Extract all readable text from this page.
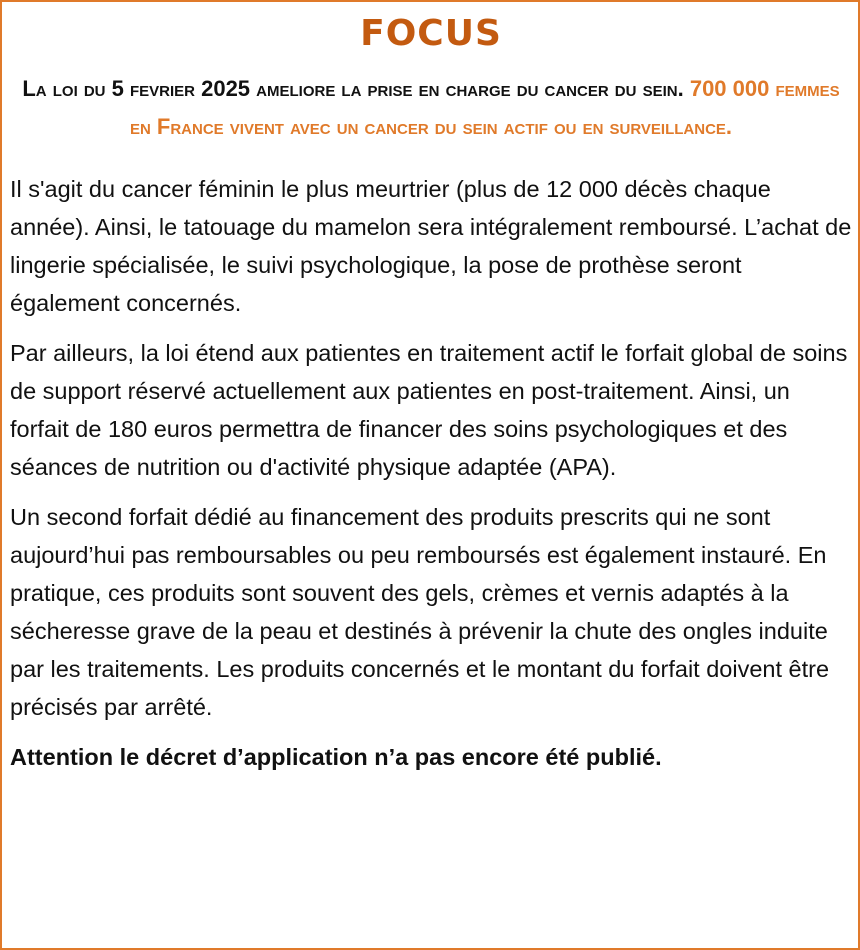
FOCUS

La loi du 5 fevrier 2025 ameliore la prise en charge du cancer du sein. 700 000 femmes en France vivent avec un cancer du sein actif ou en surveillance.

Il s'agit du cancer féminin le plus meurtrier (plus de 12 000 décès chaque année). Ainsi, le tatouage du mamelon sera intégralement remboursé. L’achat de lingerie spécialisée, le suivi psychologique, la pose de prothèse seront également concernés.

Par ailleurs, la loi étend aux patientes en traitement actif le forfait global de soins de support réservé actuellement aux patientes en post-traitement. Ainsi, un forfait de 180 euros permettra de financer des soins psychologiques et des séances de nutrition ou d'activité physique adaptée (APA).

Un second forfait dédié au financement des produits prescrits qui ne sont aujourd’hui pas remboursables ou peu remboursés est également instauré. En pratique, ces produits sont souvent des gels, crèmes et vernis adaptés à la sécheresse grave de la peau et destinés à prévenir la chute des ongles induite par les traitements. Les produits concernés et le montant du forfait doivent être précisés par arrêté.

Attention le décret d’application n’a pas encore été publié.
